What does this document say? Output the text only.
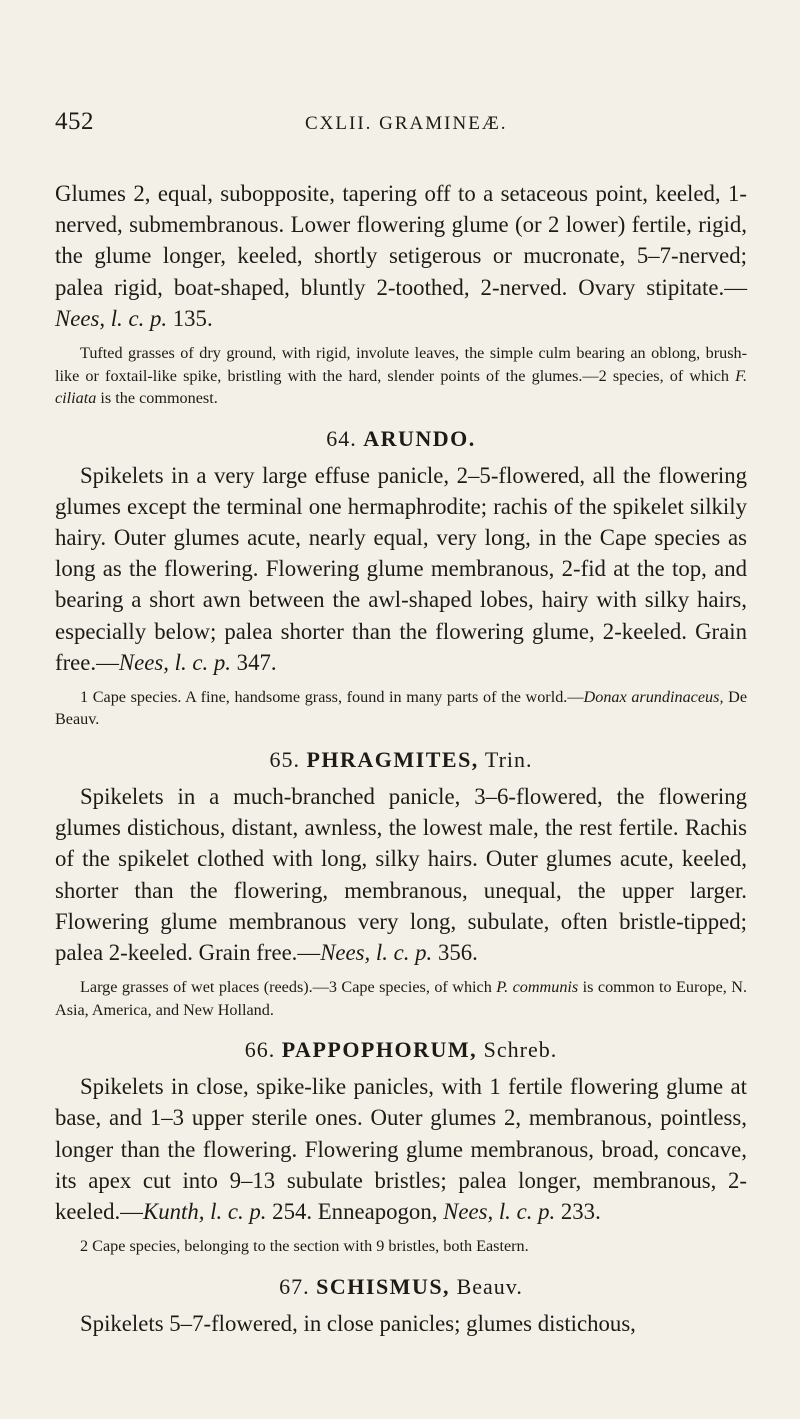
452	CXLII. GRAMINEÆ.

Glumes 2, equal, subopposite, tapering off to a setaceous point, keeled, 1-nerved, submembranous. Lower flowering glume (or 2 lower) fertile, rigid, the glume longer, keeled, shortly setigerous or mucronate, 5–7-nerved; palea rigid, boat-shaped, bluntly 2-toothed, 2-nerved. Ovary stipitate.— Nees, l. c. p. 135.

Tufted grasses of dry ground, with rigid, involute leaves, the simple culm bearing an oblong, brush-like or foxtail-like spike, bristling with the hard, slender points of the glumes.—2 species, of which F. ciliata is the commonest.

64. ARUNDO.

Spikelets in a very large effuse panicle, 2–5-flowered, all the flowering glumes except the terminal one hermaphrodite; rachis of the spikelet silkily hairy. Outer glumes acute, nearly equal, very long, in the Cape species as long as the flowering. Flowering glume membranous, 2-fid at the top, and bearing a short awn between the awl-shaped lobes, hairy with silky hairs, especially below; palea shorter than the flowering glume, 2-keeled. Grain free.—Nees, l. c. p. 347.

1 Cape species. A fine, handsome grass, found in many parts of the world.—Donax arundinaceus, De Beauv.

65. PHRAGMITES, Trin.

Spikelets in a much-branched panicle, 3–6-flowered, the flowering glumes distichous, distant, awnless, the lowest male, the rest fertile. Rachis of the spikelet clothed with long, silky hairs. Outer glumes acute, keeled, shorter than the flowering, membranous, unequal, the upper larger. Flowering glume membranous very long, subulate, often bristle-tipped; palea 2-keeled. Grain free.—Nees, l. c. p. 356.

Large grasses of wet places (reeds).—3 Cape species, of which P. communis is common to Europe, N. Asia, America, and New Holland.

66. PAPPOPHORUM, Schreb.

Spikelets in close, spike-like panicles, with 1 fertile flowering glume at base, and 1–3 upper sterile ones. Outer glumes 2, membranous, pointless, longer than the flowering. Flowering glume membranous, broad, concave, its apex cut into 9–13 subulate bristles; palea longer, membranous, 2-keeled.—Kunth, l. c. p. 254. Enneapogon, Nees, l. c. p. 233.

2 Cape species, belonging to the section with 9 bristles, both Eastern.

67. SCHISMUS, Beauv.

Spikelets 5–7-flowered, in close panicles; glumes distichous,
